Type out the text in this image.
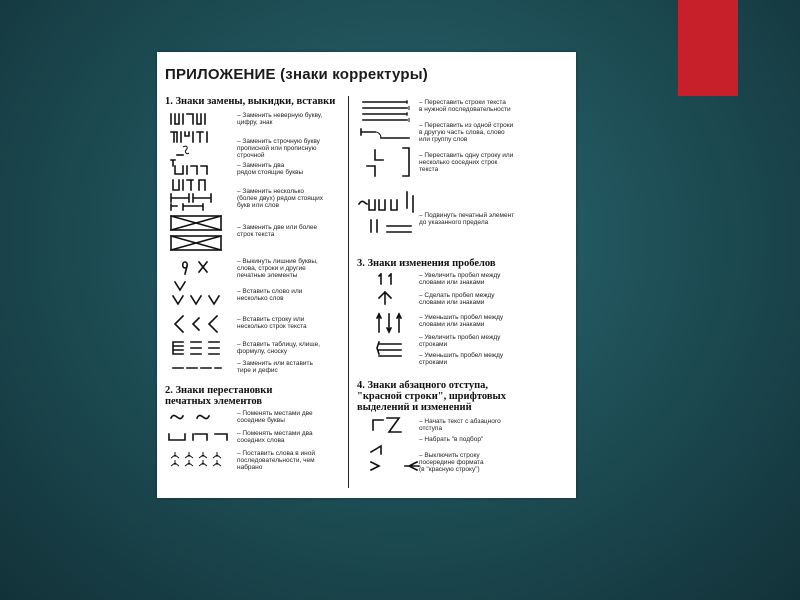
ПРИЛОЖЕНИЕ (знаки корректуры)
1. Знаки замены, выкидки, вставки
– Заменить неверную букву,
цифру, знак
– Заменить строчную букву
прописной или прописную
строчной
– Заменить два
рядом стоящие буквы
– Заменить несколько
(более двух) рядом стоящих
букв или слов
– Заменить две или более
строк текста
– Выкинуть лишние буквы,
слова, строки и другие
печатные элементы
– Вставить слово или
несколько слов
– Вставить строку или
несколько строк текста
– Вставить таблицу, клише,
формулу, сноску
– Заменить или вставить
тире и дефис
2. Знаки перестановки
печатных элементов
– Поменять местами две
соседние буквы
– Поменять местами два
соседних слова
– Поставить слова в иной
последовательности, чем
набрано
– Переставить строки текста
в нужной последовательности
– Переставить из одной строки
в другую часть слова, слово
или группу слов
– Переставить одну строку или
несколько соседних строк
текста
– Подвинуть печатный элемент
до указанного предела
3. Знаки изменения пробелов
– Увеличить пробел между
словами или знаками
– Сделать пробел между
словами или знаками
– Уменьшить пробел между
словами или знаками
– Увеличить пробел между
строками
– Уменьшить пробел между
строками
4. Знаки абзацного отступа,
"красной строки", шрифтовых
выделений и изменений
– Начать текст с абзацного
отступа
– Набрать "в подбор"
– Выключить строку
посередине формата
(в "красную строку")
